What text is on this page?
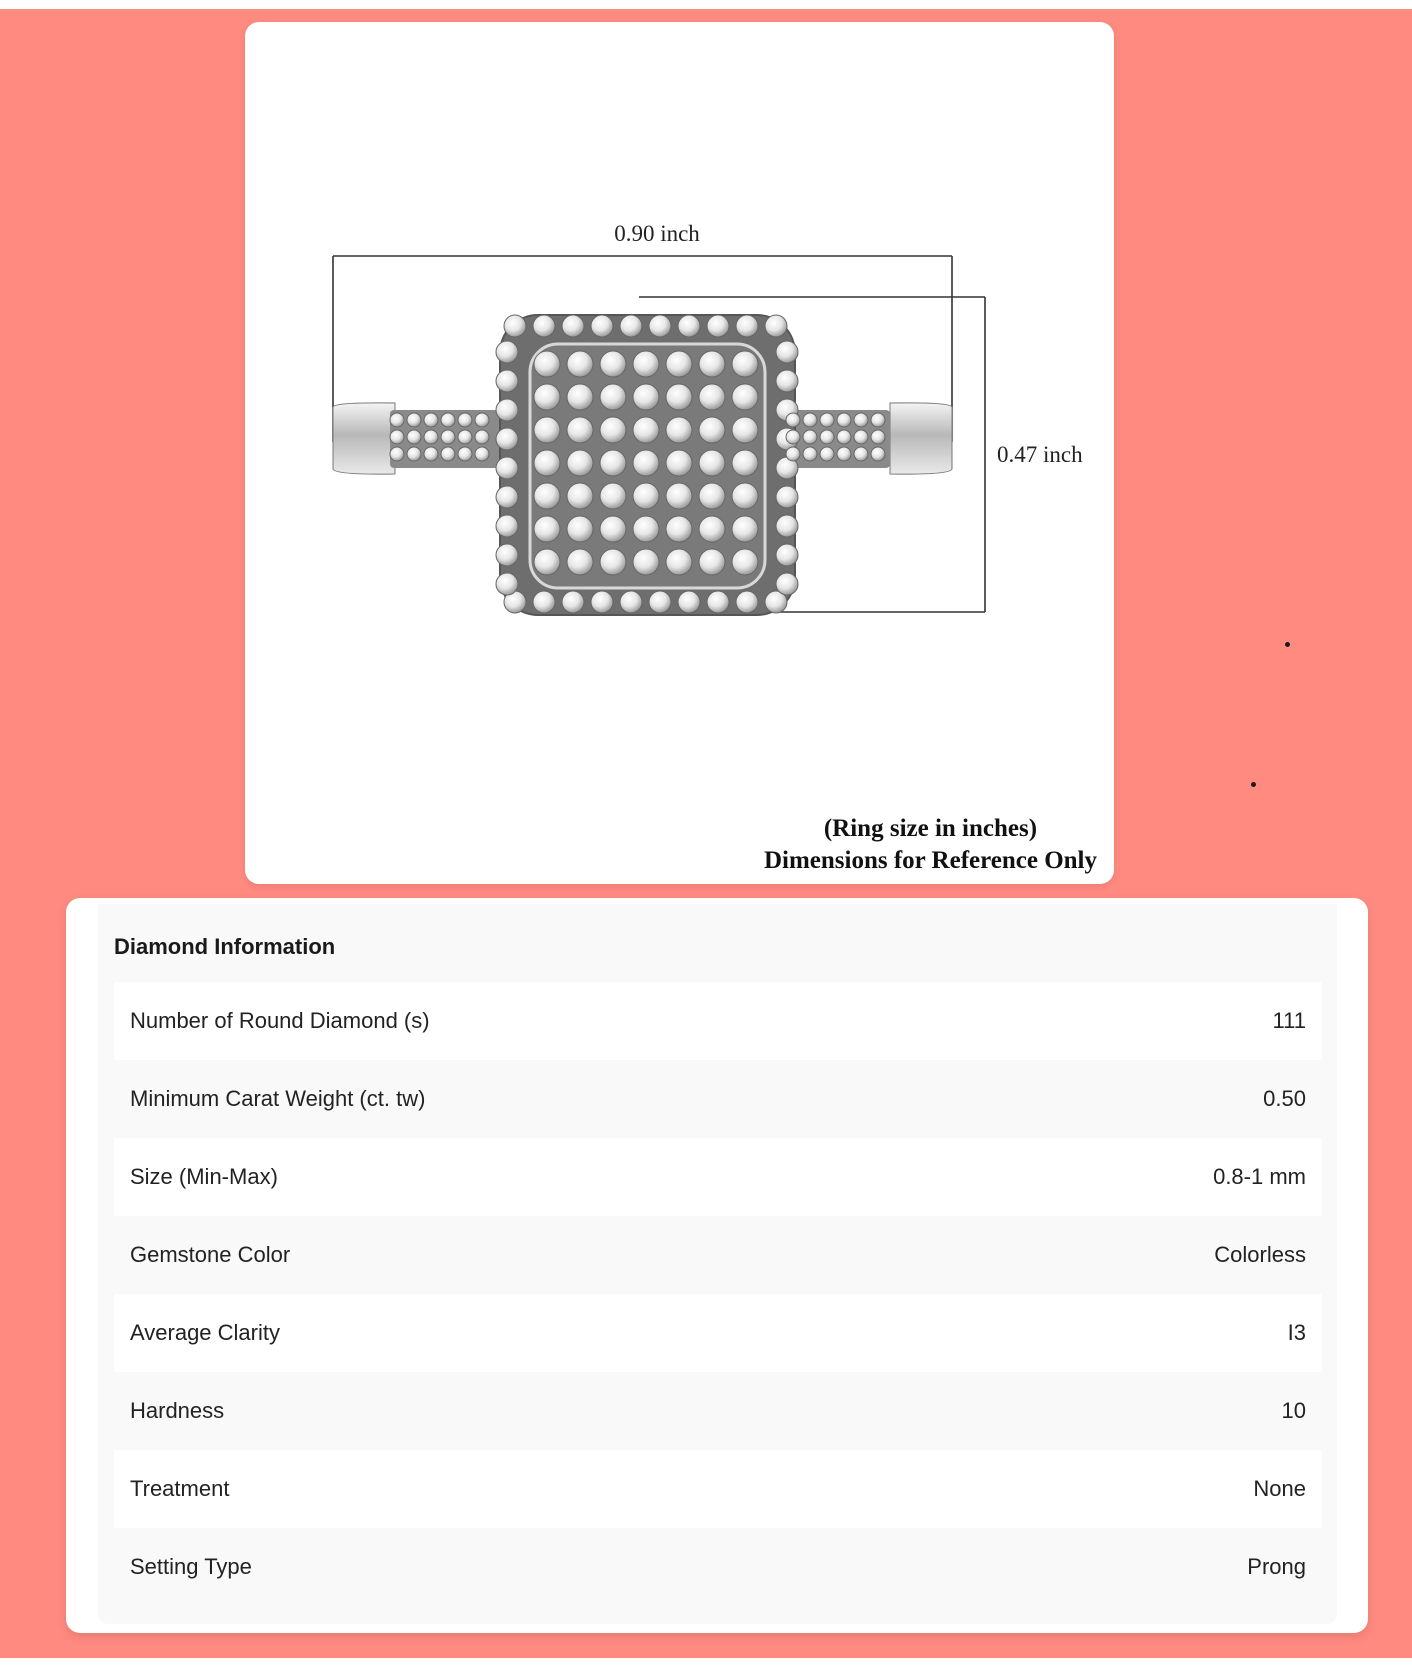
0.90 inch
0.47 inch
(Ring size in inches)
Dimensions for Reference Only
Diamond Information
Number of Round Diamond (s)	111
Minimum Carat Weight (ct. tw)	0.50
Size (Min-Max)	0.8-1 mm
Gemstone Color	Colorless
Average Clarity	I3
Hardness	10
Treatment	None
Setting Type	Prong
